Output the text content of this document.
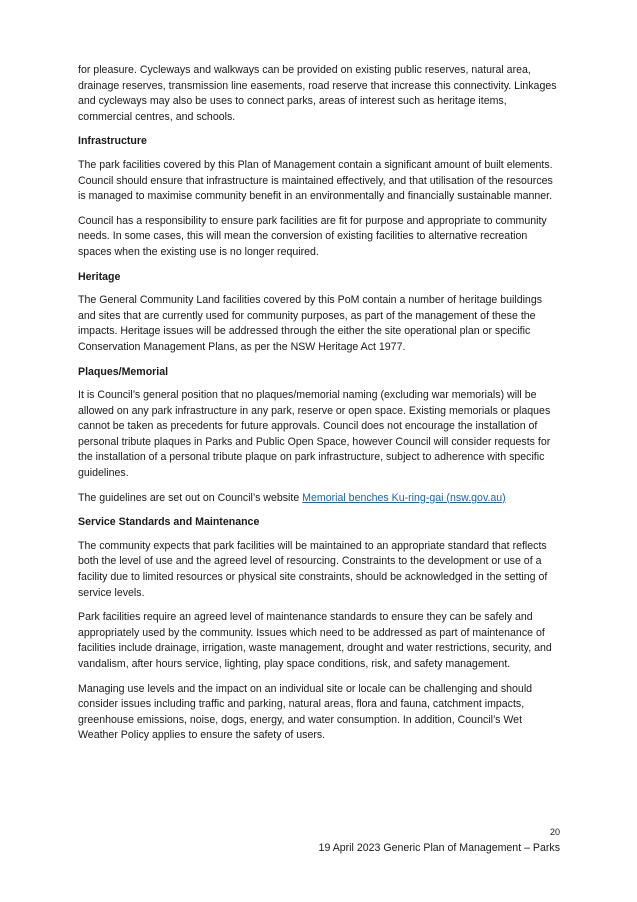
for pleasure. Cycleways and walkways can be provided on existing public reserves, natural area, drainage reserves, transmission line easements, road reserve that increase this connectivity. Linkages and cycleways may also be uses to connect parks, areas of interest such as heritage items, commercial centres, and schools.

Infrastructure

The park facilities covered by this Plan of Management contain a significant amount of built elements. Council should ensure that infrastructure is maintained effectively, and that utilisation of the resources is managed to maximise community benefit in an environmentally and financially sustainable manner.

Council has a responsibility to ensure park facilities are fit for purpose and appropriate to community needs. In some cases, this will mean the conversion of existing facilities to alternative recreation spaces when the existing use is no longer required.

Heritage

The General Community Land facilities covered by this PoM contain a number of heritage buildings and sites that are currently used for community purposes, as part of the management of these the impacts. Heritage issues will be addressed through the either the site operational plan or specific Conservation Management Plans, as per the NSW Heritage Act 1977.

Plaques/Memorial

It is Council’s general position that no plaques/memorial naming (excluding war memorials) will be allowed on any park infrastructure in any park, reserve or open space. Existing memorials or plaques cannot be taken as precedents for future approvals. Council does not encourage the installation of personal tribute plaques in Parks and Public Open Space, however Council will consider requests for the installation of a personal tribute plaque on park infrastructure, subject to adherence with specific guidelines.

The guidelines are set out on Council’s website Memorial benches Ku-ring-gai (nsw.gov.au)

Service Standards and Maintenance

The community expects that park facilities will be maintained to an appropriate standard that reflects both the level of use and the agreed level of resourcing. Constraints to the development or use of a facility due to limited resources or physical site constraints, should be acknowledged in the setting of service levels.

Park facilities require an agreed level of maintenance standards to ensure they can be safely and appropriately used by the community. Issues which need to be addressed as part of maintenance of facilities include drainage, irrigation, waste management, drought and water restrictions, security, and vandalism, after hours service, lighting, play space conditions, risk, and safety management.

Managing use levels and the impact on an individual site or locale can be challenging and should consider issues including traffic and parking, natural areas, flora and fauna, catchment impacts, greenhouse emissions, noise, dogs, energy, and water consumption. In addition, Council’s Wet Weather Policy applies to ensure the safety of users.

20
19 April 2023 Generic Plan of Management – Parks
